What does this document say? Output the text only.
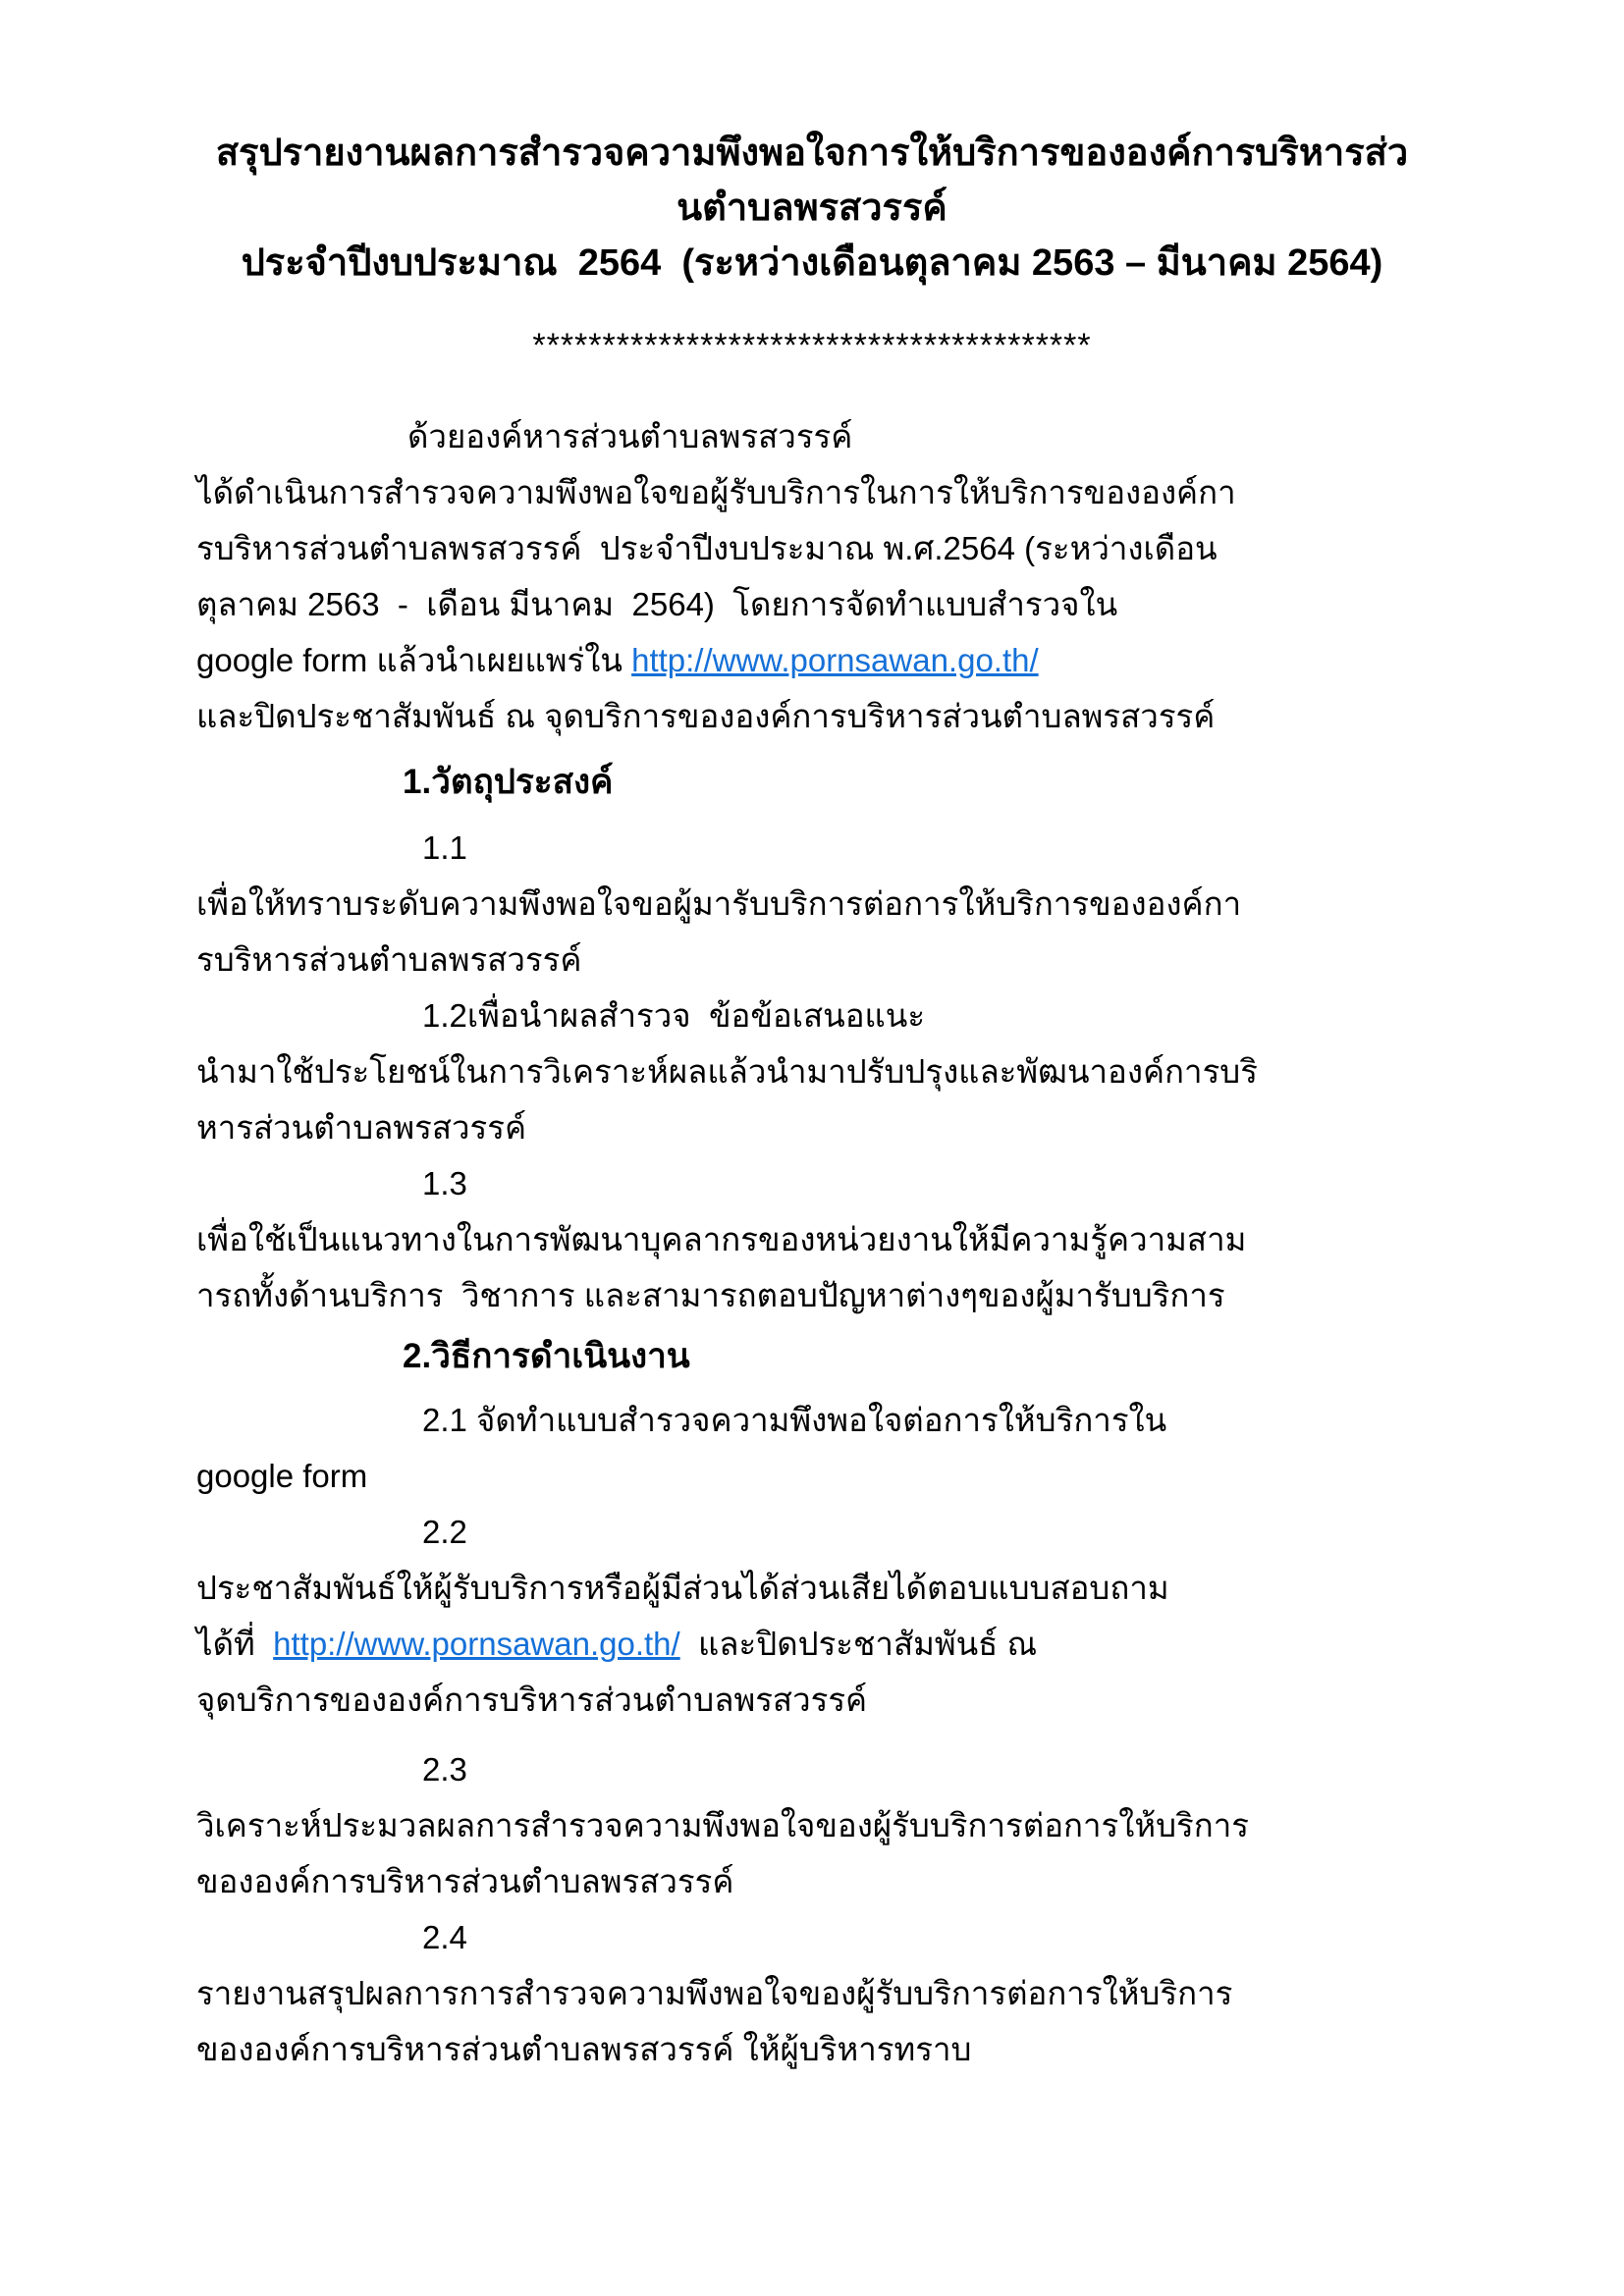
สรุปรายงานผลการสำรวจความพึงพอใจการให้บริการขององค์การบริหารส่ว
นตำบลพรสวรรค์
ประจำปีงบประมาณ  2564  (ระหว่างเดือนตุลาคม 2563 – มีนาคม 2564)
****************************************
ด้วยองค์หารส่วนตำบลพรสวรรค์
ได้ดำเนินการสำรวจความพึงพอใจขอผู้รับบริการในการให้บริการขององค์กา
รบริหารส่วนตำบลพรสวรรค์  ประจำปีงบประมาณ พ.ศ.2564 (ระหว่างเดือน
ตุลาคม 2563  -  เดือน มีนาคม  2564)  โดยการจัดทำแบบสำรวจใน
google form แล้วนำเผยแพร่ใน http://www.pornsawan.go.th/
และปิดประชาสัมพันธ์ ณ จุดบริการขององค์การบริหารส่วนตำบลพรสวรรค์
1.วัตถุประสงค์
1.1
เพื่อให้ทราบระดับความพึงพอใจขอผู้มารับบริการต่อการให้บริการขององค์กา
รบริหารส่วนตำบลพรสวรรค์
1.2เพื่อนำผลสำรวจ  ข้อข้อเสนอแนะ
นำมาใช้ประโยชน์ในการวิเคราะห์ผลแล้วนำมาปรับปรุงและพัฒนาองค์การบริ
หารส่วนตำบลพรสวรรค์
1.3
เพื่อใช้เป็นแนวทางในการพัฒนาบุคลากรของหน่วยงานให้มีความรู้ความสาม
ารถทั้งด้านบริการ  วิชาการ และสามารถตอบปัญหาต่างๆของผู้มารับบริการ
2.วิธีการดำเนินงาน
2.1 จัดทำแบบสำรวจความพึงพอใจต่อการให้บริการใน
google form
2.2
ประชาสัมพันธ์ให้ผู้รับบริการหรือผู้มีส่วนได้ส่วนเสียได้ตอบแบบสอบถาม
ได้ที่  http://www.pornsawan.go.th/  และปิดประชาสัมพันธ์ ณ
จุดบริการขององค์การบริหารส่วนตำบลพรสวรรค์
2.3
วิเคราะห์ประมวลผลการสำรวจความพึงพอใจของผู้รับบริการต่อการให้บริการ
ขององค์การบริหารส่วนตำบลพรสวรรค์
2.4
รายงานสรุปผลการการสำรวจความพึงพอใจของผู้รับบริการต่อการให้บริการ
ขององค์การบริหารส่วนตำบลพรสวรรค์ ให้ผู้บริหารทราบ
